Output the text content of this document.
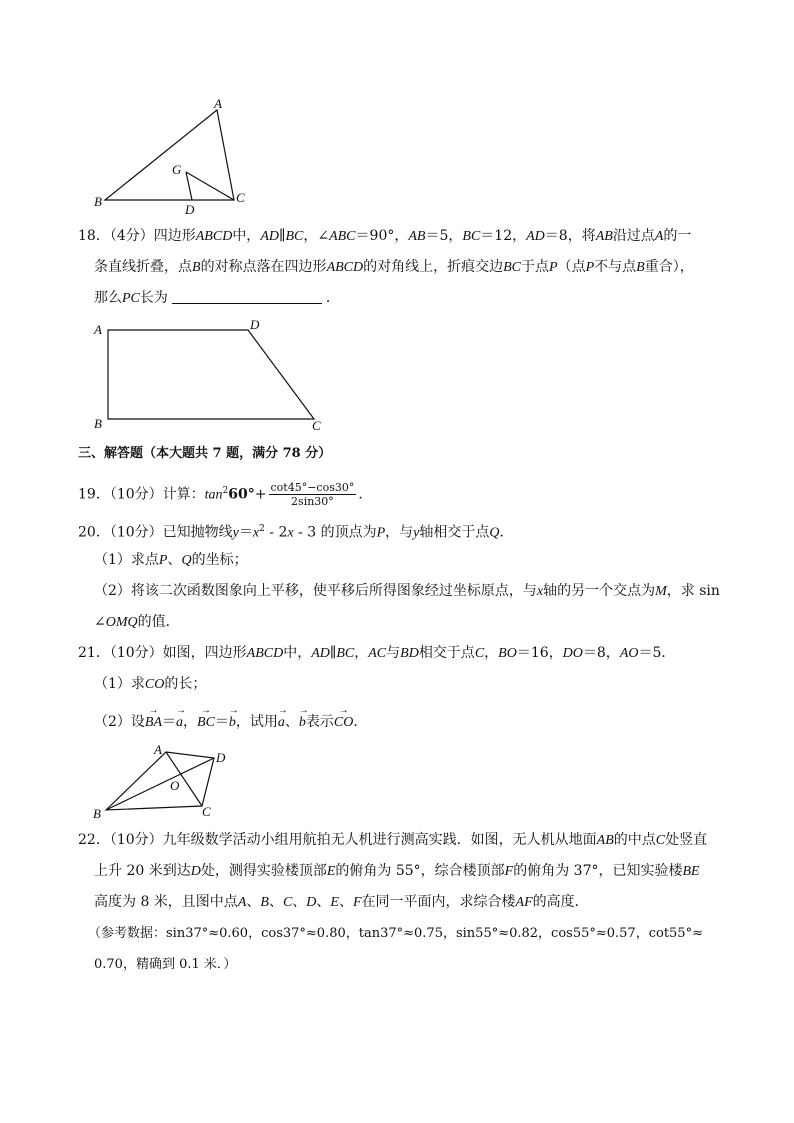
A
B	C
G
D
18．（4分）四边形ABCD中，AD∥BC，∠ABC＝90°，AB＝5，BC＝12，AD＝8，将AB沿过点A的一
条直线折叠，点B的对称点落在四边形ABCD的对角线上，折痕交边BC于点P（点P不与点B重合），
那么PC长为	．
A	D
B	C
三、解答题（本大题共 7 题，满分 78 分）
19．（10分）计算：$\tan^260^\circ+ \frac{\cot 45^\circ-\cos 30^\circ}{2\sin 30^\circ}$ ．
20．（10分）已知抛物线$y=x^2 - 2x - 3$ 的顶点为P，与y轴相交于点Q．
（1）求点P、Q的坐标；
（2）将该二次函数图象向上平移，使平移后所得图象经过坐标原点，与x轴的另一个交点为M，求 sin
∠OMQ的值．
21．（10分）如图，四边形ABCD中，AD∥BC，AC与BD相交于点C，BO＝16，DO＝8，AO＝5．
（1）求CO的长；
（2）设→ BA＝→ a，→ BC＝→ b，试用→ a、→ b表示→ CO．
A
D
O
B	C
22．（10分）九年级数学活动小组用航拍无人机进行测高实践．如图，无人机从地面AB的中点C处竖直
上升 20 米到达D处，测得实验楼顶部E的俯角为 55°，综合楼顶部F的俯角为 37°，已知实验楼BE
高度为 8 米，且图中点A、B、C、D、E、F在同一平面内，求综合楼AF的高度．
（参考数据：sin37°≈0.60，cos37°≈0.80，tan37°≈0.75，sin55°≈0.82，cos55°≈0.57，cot55°≈
0.70，精确到 0.1 米．）
